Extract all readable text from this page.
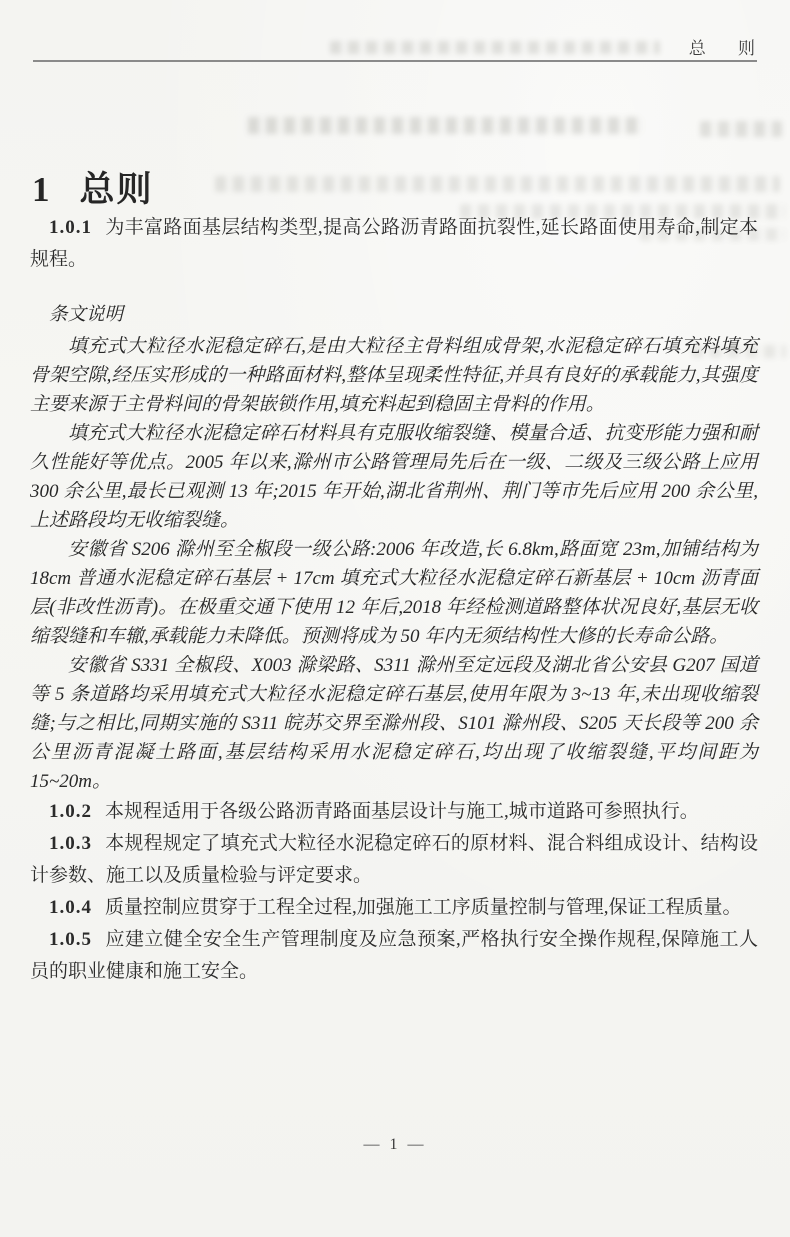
总 则
1 总则

1.0.1 为丰富路面基层结构类型,提高公路沥青路面抗裂性,延长路面使用寿命,制定本规程。

条文说明

填充式大粒径水泥稳定碎石,是由大粒径主骨料组成骨架,水泥稳定碎石填充料填充骨架空隙,经压实形成的一种路面材料,整体呈现柔性特征,并具有良好的承载能力,其强度主要来源于主骨料间的骨架嵌锁作用,填充料起到稳固主骨料的作用。

填充式大粒径水泥稳定碎石材料具有克服收缩裂缝、模量合适、抗变形能力强和耐久性能好等优点。2005 年以来,滁州市公路管理局先后在一级、二级及三级公路上应用 300 余公里,最长已观测 13 年;2015 年开始,湖北省荆州、荆门等市先后应用 200 余公里,上述路段均无收缩裂缝。

安徽省 S206 滁州至全椒段一级公路:2006 年改造,长 6.8km,路面宽 23m,加铺结构为 18cm 普通水泥稳定碎石基层 + 17cm 填充式大粒径水泥稳定碎石新基层 + 10cm 沥青面层(非改性沥青)。在极重交通下使用 12 年后,2018 年经检测道路整体状况良好,基层无收缩裂缝和车辙,承载能力未降低。预测将成为 50 年内无须结构性大修的长寿命公路。

安徽省 S331 全椒段、X003 滁梁路、S311 滁州至定远段及湖北省公安县 G207 国道等 5 条道路均采用填充式大粒径水泥稳定碎石基层,使用年限为 3~13 年,未出现收缩裂缝;与之相比,同期实施的 S311 皖苏交界至滁州段、S101 滁州段、S205 天长段等 200 余公里沥青混凝土路面,基层结构采用水泥稳定碎石,均出现了收缩裂缝,平均间距为 15~20m。

1.0.2 本规程适用于各级公路沥青路面基层设计与施工,城市道路可参照执行。

1.0.3 本规程规定了填充式大粒径水泥稳定碎石的原材料、混合料组成设计、结构设计参数、施工以及质量检验与评定要求。

1.0.4 质量控制应贯穿于工程全过程,加强施工工序质量控制与管理,保证工程质量。

1.0.5 应建立健全安全生产管理制度及应急预案,严格执行安全操作规程,保障施工人员的职业健康和施工安全。

— 1 —
